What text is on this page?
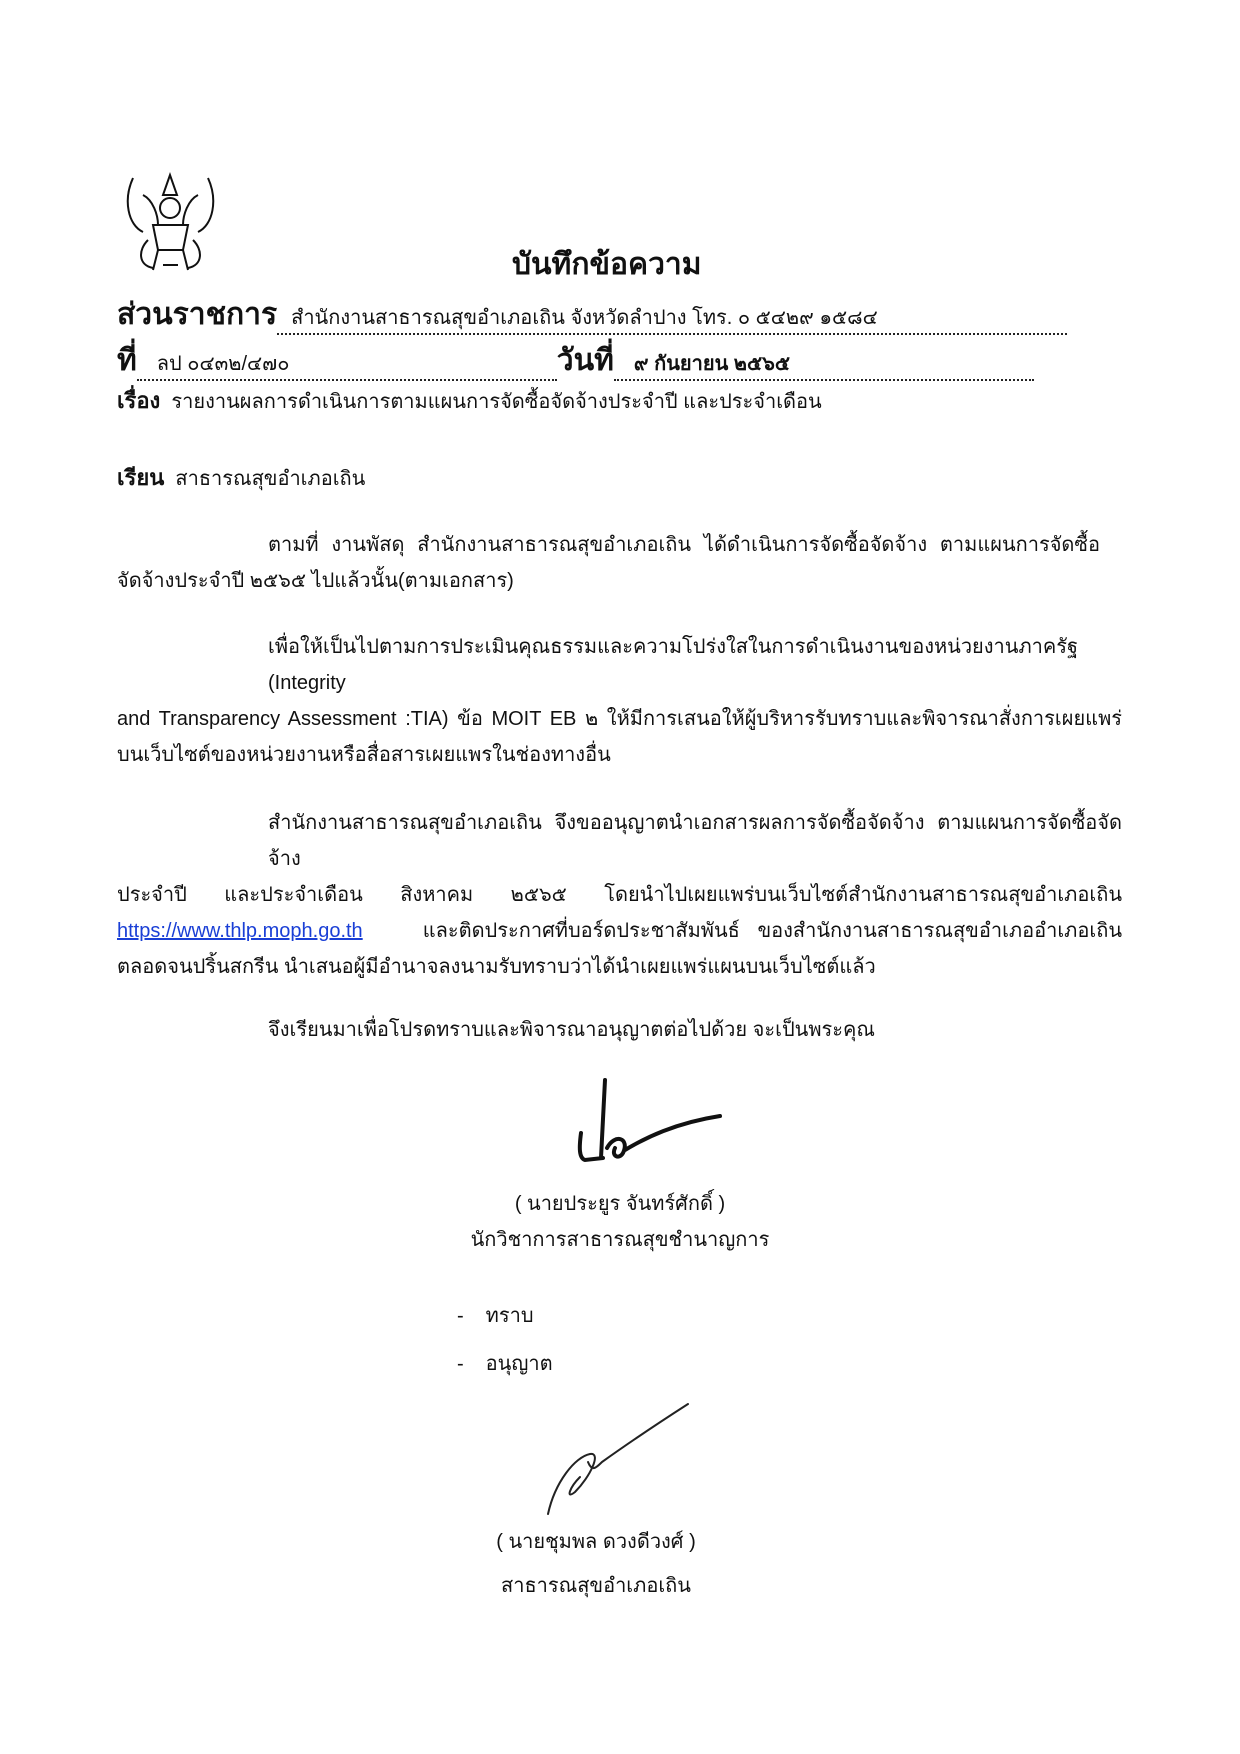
บันทึกข้อความ
ส่วนราชการ สำนักงานสาธารณสุขอำเภอเถิน จังหวัดลำปาง โทร. ๐ ๕๔๒๙ ๑๕๘๔
ที่	ลป ๐๔๓๒/๔๗๐	วันที่	๙ กันยายน ๒๕๖๕
เรื่อง รายงานผลการดำเนินการตามแผนการจัดซื้อจัดจ้างประจำปี และประจำเดือน
เรียน สาธารณสุขอำเภอเถิน
ตามที่ งานพัสดุ สำนักงานสาธารณสุขอำเภอเถิน ได้ดำเนินการจัดซื้อจัดจ้าง ตามแผนการจัดซื้อ
จัดจ้างประจำปี ๒๕๖๕ ไปแล้วนั้น(ตามเอกสาร)
เพื่อให้เป็นไปตามการประเมินคุณธรรมและความโปร่งใสในการดำเนินงานของหน่วยงานภาครัฐ (Integrity
and Transparency Assessment :TIA) ข้อ MOIT EB ๒ ให้มีการเสนอให้ผู้บริหารรับทราบและพิจารณาสั่งการเผยแพร่
บนเว็บไซต์ของหน่วยงานหรือสื่อสารเผยแพรในช่องทางอื่น
สำนักงานสาธารณสุขอำเภอเถิน จึงขออนุญาตนำเอกสารผลการจัดซื้อจัดจ้าง ตามแผนการจัดซื้อจัดจ้าง
ประจำปี และประจำเดือน สิงหาคม ๒๕๖๕ โดยนำไปเผยแพร่บนเว็บไซต์สำนักงานสาธารณสุขอำเภอเถิน
https://www.thlp.moph.go.th	และติดประกาศที่บอร์ดประชาสัมพันธ์ ของสำนักงานสาธารณสุขอำเภออำเภอเถิน
ตลอดจนปริ้นสกรีน นำเสนอผู้มีอำนาจลงนามรับทราบว่าได้นำเผยแพร่แผนบนเว็บไซต์แล้ว
จึงเรียนมาเพื่อโปรดทราบและพิจารณาอนุญาตต่อไปด้วย จะเป็นพระคุณ
( นายประยูร จันทร์ศักดิ์ )
นักวิชาการสาธารณสุขชำนาญการ
- ทราบ
- อนุญาต
( นายชุมพล ดวงดีวงศ์ )
สาธารณสุขอำเภอเถิน
